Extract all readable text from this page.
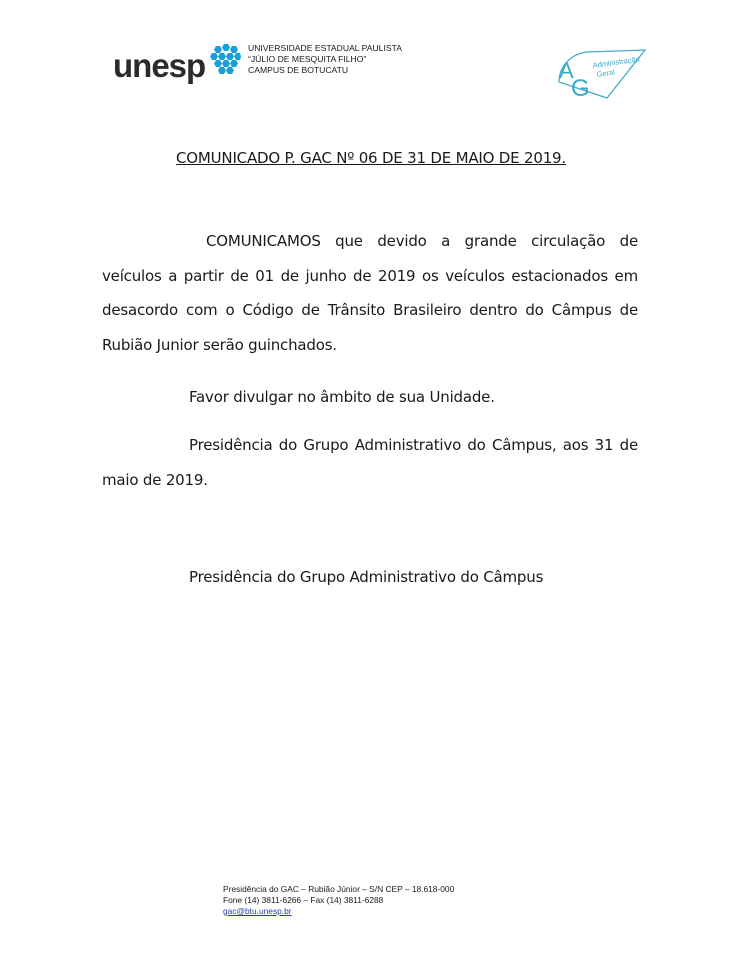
unesp	UNIVERSIDADE ESTADUAL PAULISTA
“JÚLIO DE MESQUITA FILHO”
CAMPUS DE BOTUCATU	A
G
Administração
Geral
COMUNICADO P. GAC Nº 06 DE 31 DE MAIO DE 2019.
COMUNICAMOS que devido a grande circulação de veículos a partir de 01 de junho de 2019 os veículos estacionados em desacordo com o Código de Trânsito Brasileiro dentro do Câmpus de Rubião Junior serão guinchados.
Favor divulgar no âmbito de sua Unidade.
Presidência do Grupo Administrativo do Câmpus, aos 31 de maio de 2019.
Presidência do Grupo Administrativo do Câmpus
Presidência do GAC – Rubião Júnior – S/N CEP – 18.618-000
Fone (14) 3811-6266 – Fax (14) 3811-6288
gac@btu.unesp.br
